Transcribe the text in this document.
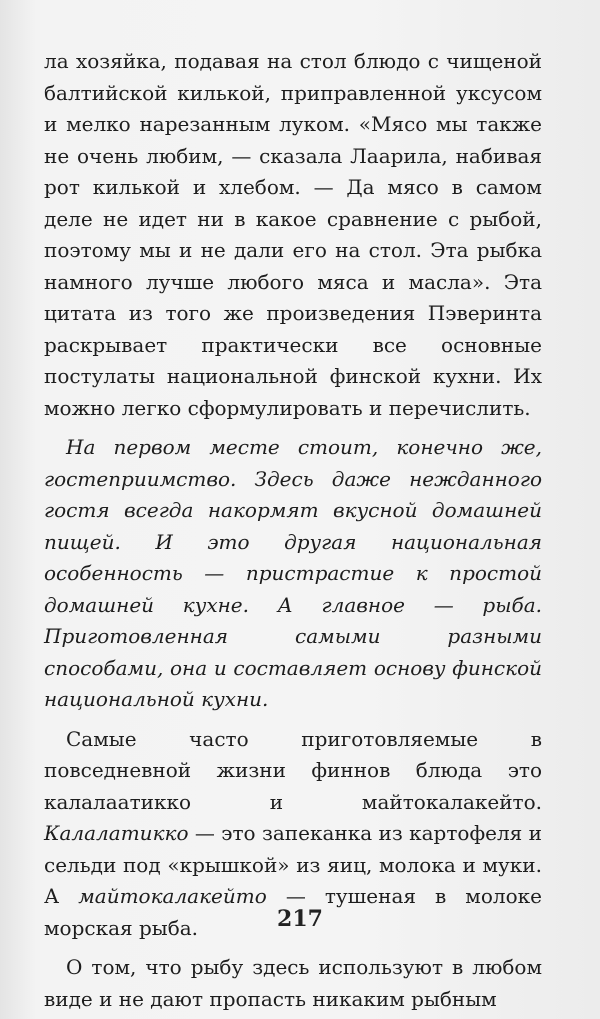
ла хозяйка, подавая на стол блюдо с чищеной балтийской килькой, приправленной уксусом и мелко нарезанным луком. «Мясо мы также не очень любим, — сказала Лаарила, набивая рот килькой и хлебом. — Да мясо в самом деле не идет ни в какое сравнение с рыбой, поэтому мы и не дали его на стол. Эта рыбка намного лучше любого мяса и масла». Эта цитата из того же произведения Пэверинта раскрывает практически все основные постулаты национальной финской кухни. Их можно легко сформулировать и перечислить.

На первом месте стоит, конечно же, гостеприимство. Здесь даже нежданного гостя всегда накормят вкусной домашней пищей. И это другая национальная особенность — пристрастие к простой домашней кухне. А главное — рыба. Приготовленная самыми разными способами, она и составляет основу финской национальной кухни.

Самые часто приготовляемые в повседневной жизни финнов блюда это калалаатикко и майтокалакейто. Калалатикко — это запеканка из картофеля и сельди под «крышкой» из яиц, молока и муки. А майтокалакейто — тушеная в молоке морская рыба.

О том, что рыбу здесь используют в любом виде и не дают пропасть никаким рыбным

217
